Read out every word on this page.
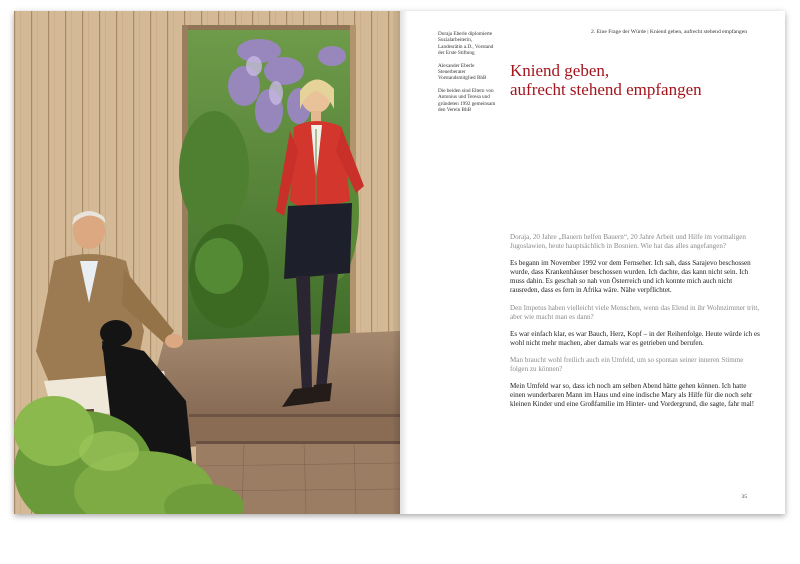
2. Eine Frage der Würde | Kniend geben, aufrecht stehend empfangen

Doraja Eberle diplomierte Sozialarbeiterin, Landesrätin a.D., Vorstand der Erste Stiftung

Alexander Eberle Steuerberater Vorstandsmitglied BhB

Die beiden sind Eltern von Antonius und Teresa und gründeten 1992 gemeinsam den Verein BhB

Kniend geben,
aufrecht stehend empfangen

Doraja, 20 Jahre „Bauern helfen Bauern“, 20 Jahre Arbeit und Hilfe im vormaligen Jugoslawien, heute hauptsächlich in Bosnien. Wie hat das alles angefangen?

Es begann im November 1992 vor dem Fernseher. Ich sah, dass Sarajevo beschossen wurde, dass Krankenhäuser beschossen wurden. Ich dachte, das kann nicht sein. Ich muss dahin. Es geschah so nah von Österreich und ich konnte mich auch nicht rausreden, dass es fern in Afrika wäre. Nähe verpflichtet.

Den Impetus haben vielleicht viele Menschen, wenn das Elend in ihr Wohnzimmer tritt, aber wie macht man es dann?

Es war einfach klar, es war Bauch, Herz, Kopf – in der Reihenfolge. Heute würde ich es wohl nicht mehr machen, aber damals war es getrieben und berufen.

Man braucht wohl freilich auch ein Umfeld, um so spontan seiner inneren Stimme folgen zu können?

Mein Umfeld war so, dass ich noch am selben Abend hätte gehen können. Ich hatte einen wunderbaren Mann im Haus und eine indische Mary als Hilfe für die noch sehr kleinen Kinder und eine Großfamilie im Hinter- und Vordergrund, die sagte, fahr mal!

35
